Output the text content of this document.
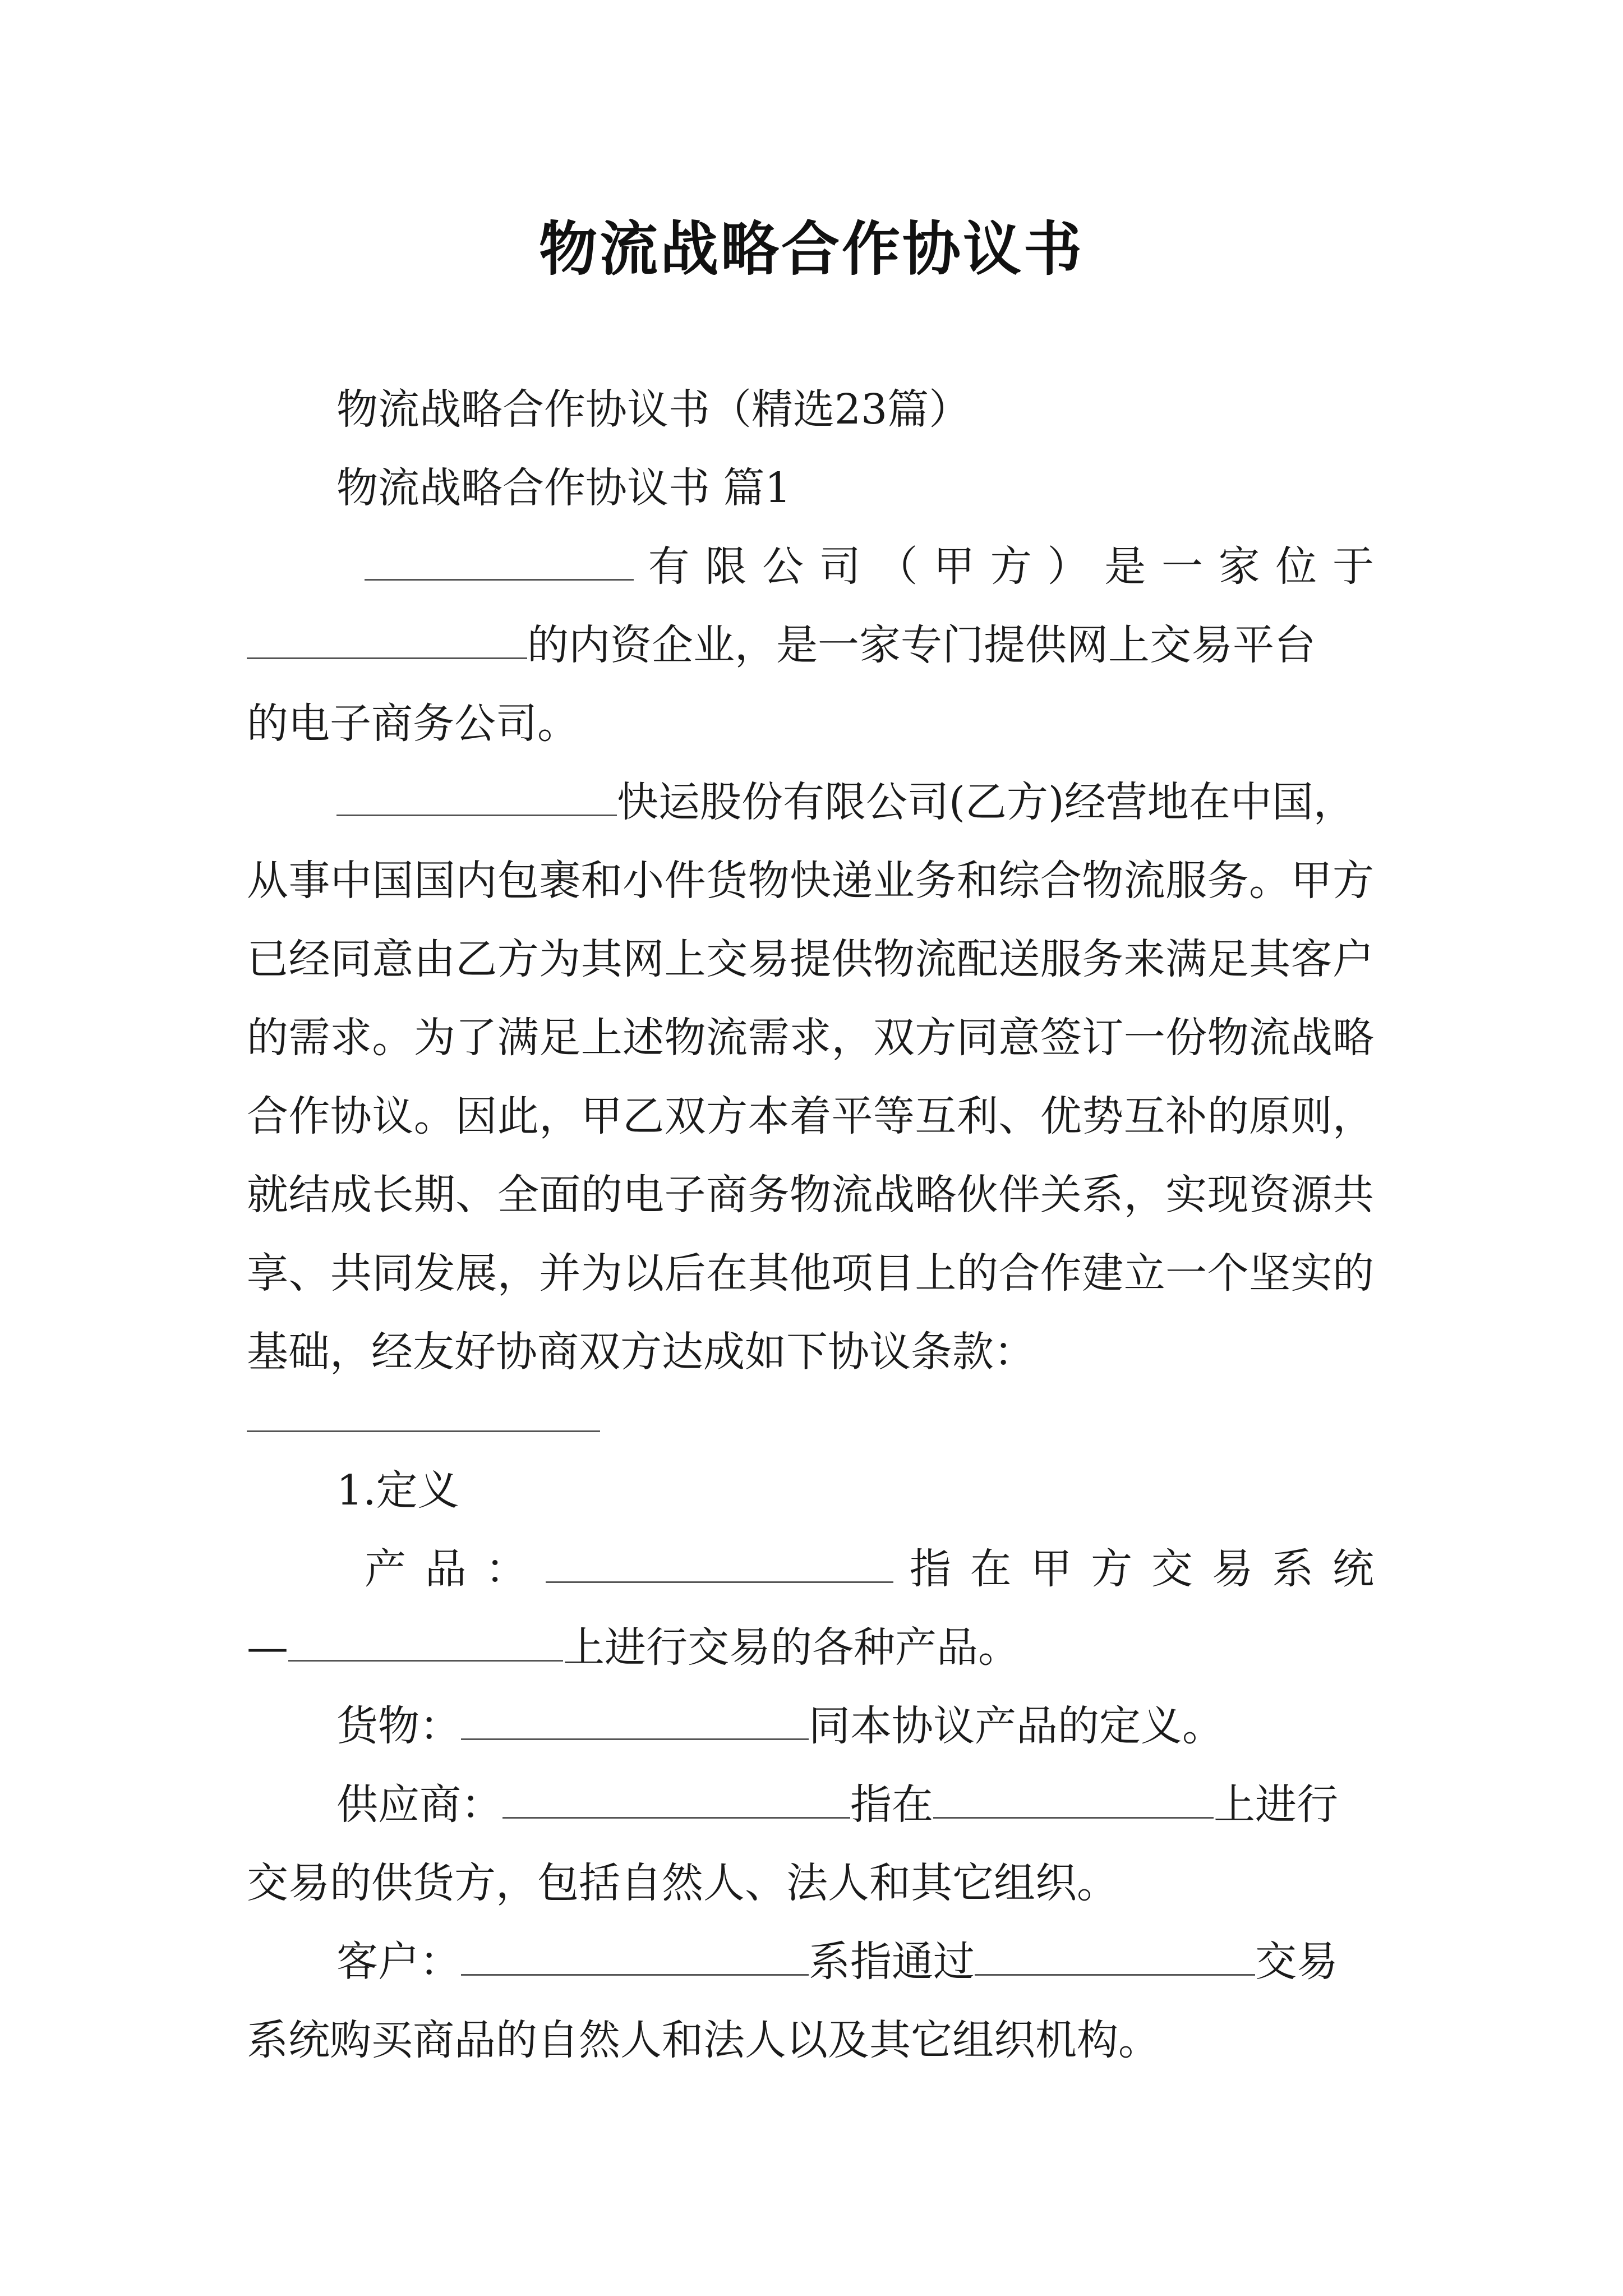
物流战略合作协议书

物流战略合作协议书（精选23篇）

物流战略合作协议书 篇1

有 限 公 司 （ 甲 方 ） 是 一 家 位 于

的内资企业，是一家专门提供网上交易平台

的电子商务公司。

快运股份有限公司(乙方)经营地在中国，

从事中国国内包裹和小件货物快递业务和综合物流服务。甲方已经同意由乙方为其网上交易提供物流配送服务来满足其客户的需求。为了满足上述物流需求，双方同意签订一份物流战略合作协议。因此，甲乙双方本着平等互利、优势互补的原则，就结成长期、全面的电子商务物流战略伙伴关系，实现资源共享、共同发展，并为以后在其他项目上的合作建立一个坚实的基础，经友好协商双方达成如下协议条款：

1.定义

产 品 ：	指 在 甲 方 交 易 系 统

—	上进行交易的各种产品。

货物：	同本协议产品的定义。

供应商：	指在	上进行

交易的供货方，包括自然人、法人和其它组织。

客户：	系指通过	交易

系统购买商品的自然人和法人以及其它组织机构。
